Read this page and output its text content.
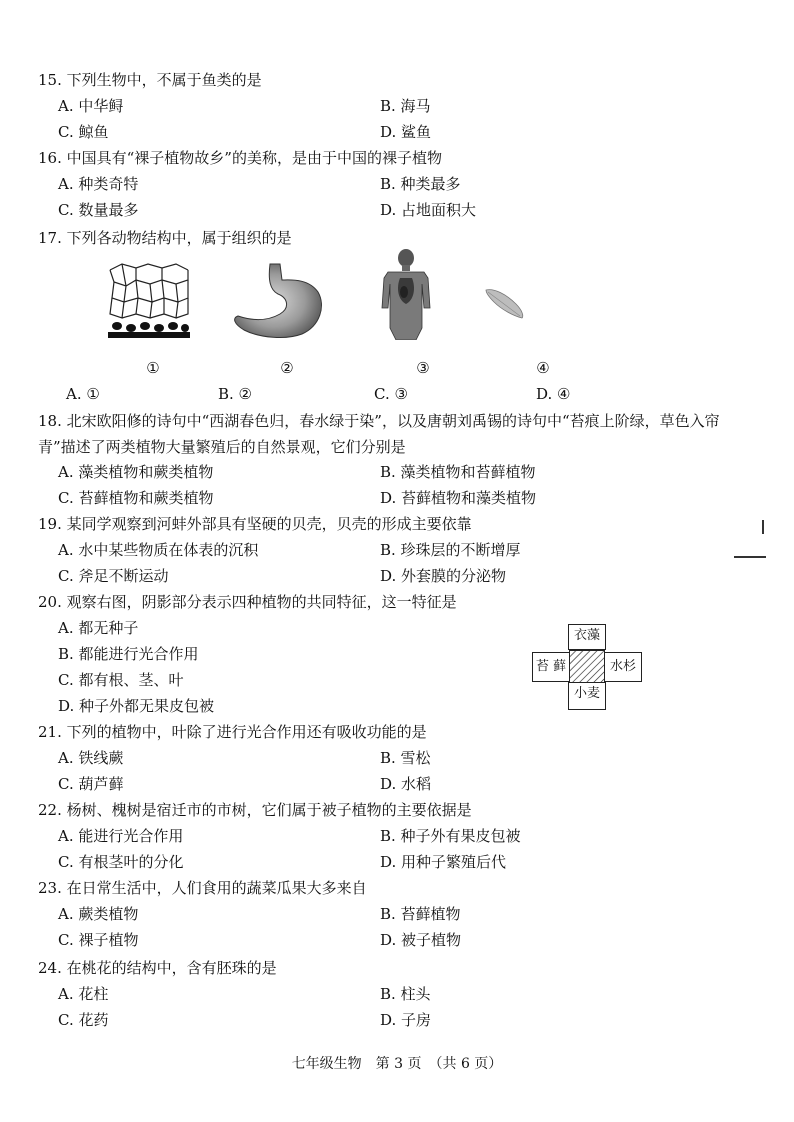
15. 下列生物中，不属于鱼类的是
A. 中华鲟	B. 海马
C. 鲸鱼	D. 鲨鱼
16. 中国具有“裸子植物故乡”的美称，是由于中国的裸子植物
A. 种类奇特	B. 种类最多
C. 数量最多	D. 占地面积大
17. 下列各动物结构中，属于组织的是
①	②	③	④
A. ①	B. ②	C. ③	D. ④
18. 北宋欧阳修的诗句中“西湖春色归，春水绿于染”，以及唐朝刘禹锡的诗句中“苔痕上阶绿，草色入帘青”描述了两类植物大量繁殖后的自然景观，它们分别是
A. 藻类植物和蕨类植物	B. 藻类植物和苔藓植物
C. 苔藓植物和蕨类植物	D. 苔藓植物和藻类植物
19. 某同学观察到河蚌外部具有坚硬的贝壳，贝壳的形成主要依靠
A. 水中某些物质在体表的沉积	B. 珍珠层的不断增厚
C. 斧足不断运动	D. 外套膜的分泌物
20. 观察右图，阴影部分表示四种植物的共同特征，这一特征是
A. 都无种子
B. 都能进行光合作用
C. 都有根、茎、叶
D. 种子外都无果皮包被
衣藻
苔 藓	水杉
小麦
21. 下列的植物中，叶除了进行光合作用还有吸收功能的是
A. 铁线蕨	B. 雪松
C. 葫芦藓	D. 水稻
22. 杨树、槐树是宿迁市的市树，它们属于被子植物的主要依据是
A. 能进行光合作用	B. 种子外有果皮包被
C. 有根茎叶的分化	D. 用种子繁殖后代
23. 在日常生活中，人们食用的蔬菜瓜果大多来自
A. 蕨类植物	B. 苔藓植物
C. 裸子植物	D. 被子植物
24. 在桃花的结构中，含有胚珠的是
A. 花柱	B. 柱头
C. 花药	D. 子房
七年级生物　第 3 页　（共 6 页）
